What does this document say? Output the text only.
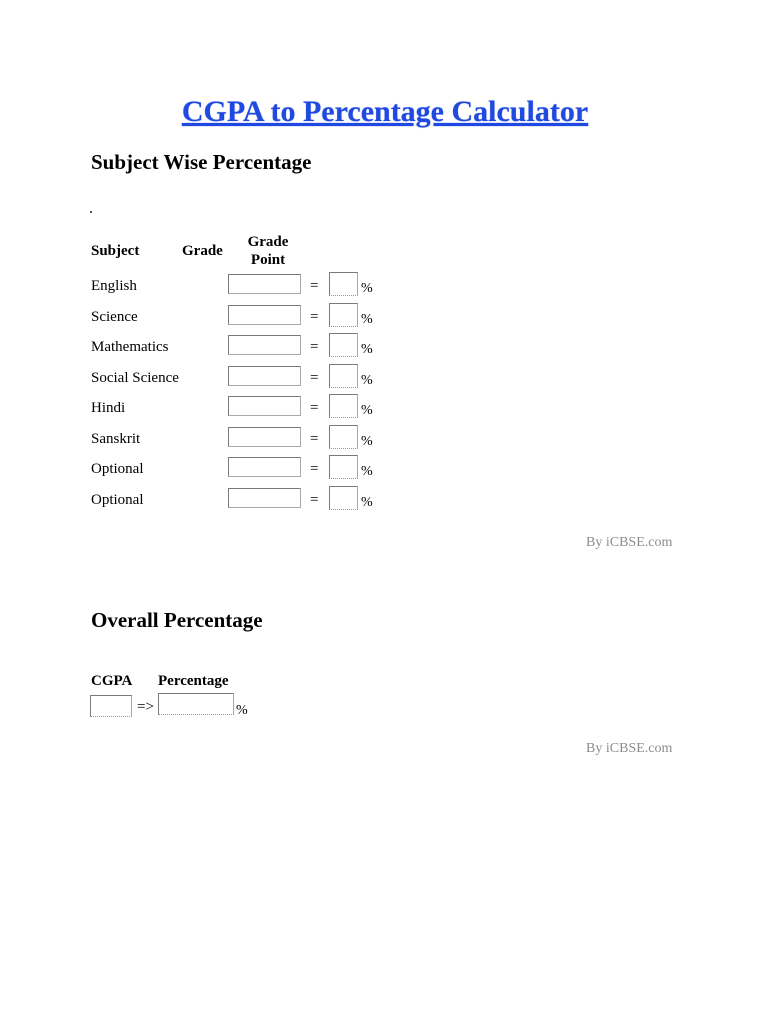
CGPA to Percentage Calculator
Subject Wise Percentage
Subject	Grade
Grade
Point
English	=	%
Science	=	%
Mathematics	=	%
Social Science	=	%
Hindi	=	%
Sanskrit	=	%
Optional	=	%
Optional	=	%
By iCBSE.com
Overall Percentage
CGPA Percentage
=>	%
By iCBSE.com
